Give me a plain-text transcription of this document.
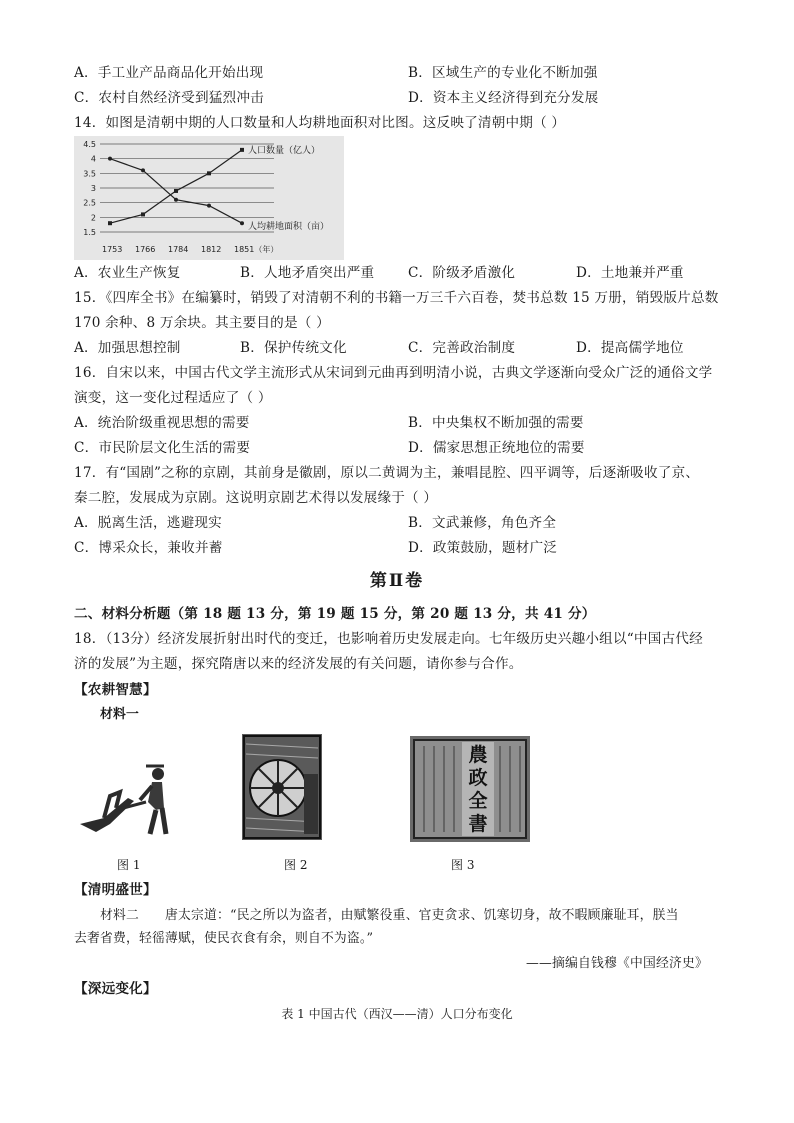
A．手工业产品商品化开始出现	B．区域生产的专业化不断加强
C．农村自然经济受到猛烈冲击	D．资本主义经济得到充分发展
14．如图是清朝中期的人口数量和人均耕地面积对比图。这反映了清朝中期（ ）
4.5
4
3.5
3
2.5
2
1.5
1753 1766 1784 1812 1851（年）
人口数量（亿人）
人均耕地面积（亩）
A．农业生产恢复	B．人地矛盾突出严重 C．阶级矛盾激化	D．土地兼并严重
15．《四库全书》在编纂时，销毁了对清朝不利的书籍一万三千六百卷，焚书总数 15 万册，销毁版片总数
170 余种、8 万余块。其主要目的是（ ）
A．加强思想控制	B．保护传统文化	C．完善政治制度	D．提高儒学地位
16．自宋以来，中国古代文学主流形式从宋词到元曲再到明清小说，古典文学逐渐向受众广泛的通俗文学
演变，这一变化过程适应了（ ）
A．统治阶级重视思想的需要	B．中央集权不断加强的需要
C．市民阶层文化生活的需要	D．儒家思想正统地位的需要
17．有“国剧”之称的京剧，其前身是徽剧，原以二黄调为主，兼唱昆腔、四平调等，后逐渐吸收了京、
秦二腔，发展成为京剧。这说明京剧艺术得以发展缘于（ ）
A．脱离生活，逃避现实	B．文武兼修，角色齐全
C．博采众长，兼收并蓄	D．政策鼓励，题材广泛
第Ⅱ卷
二、材料分析题（第 18 题 13 分，第 19 题 15 分，第 20 题 13 分，共 41 分）
18．（13分）经济发展折射出时代的变迁，也影响着历史发展走向。七年级历史兴趣小组以“中国古代经
济的发展”为主题，探究隋唐以来的经济发展的有关问题，请你参与合作。
【农耕智慧】
材料一
图 1	图 2
農政全書
图 3
【清明盛世】
材料二　　唐太宗道：“民之所以为盗者，由赋繁役重、官吏贪求、饥寒切身，故不暇顾廉耻耳，朕当
去奢省费，轻徭薄赋，使民衣食有余，则自不为盗。”
——摘编自钱穆《中国经济史》
【深远变化】
表 1 中国古代（西汉——清）人口分布变化
